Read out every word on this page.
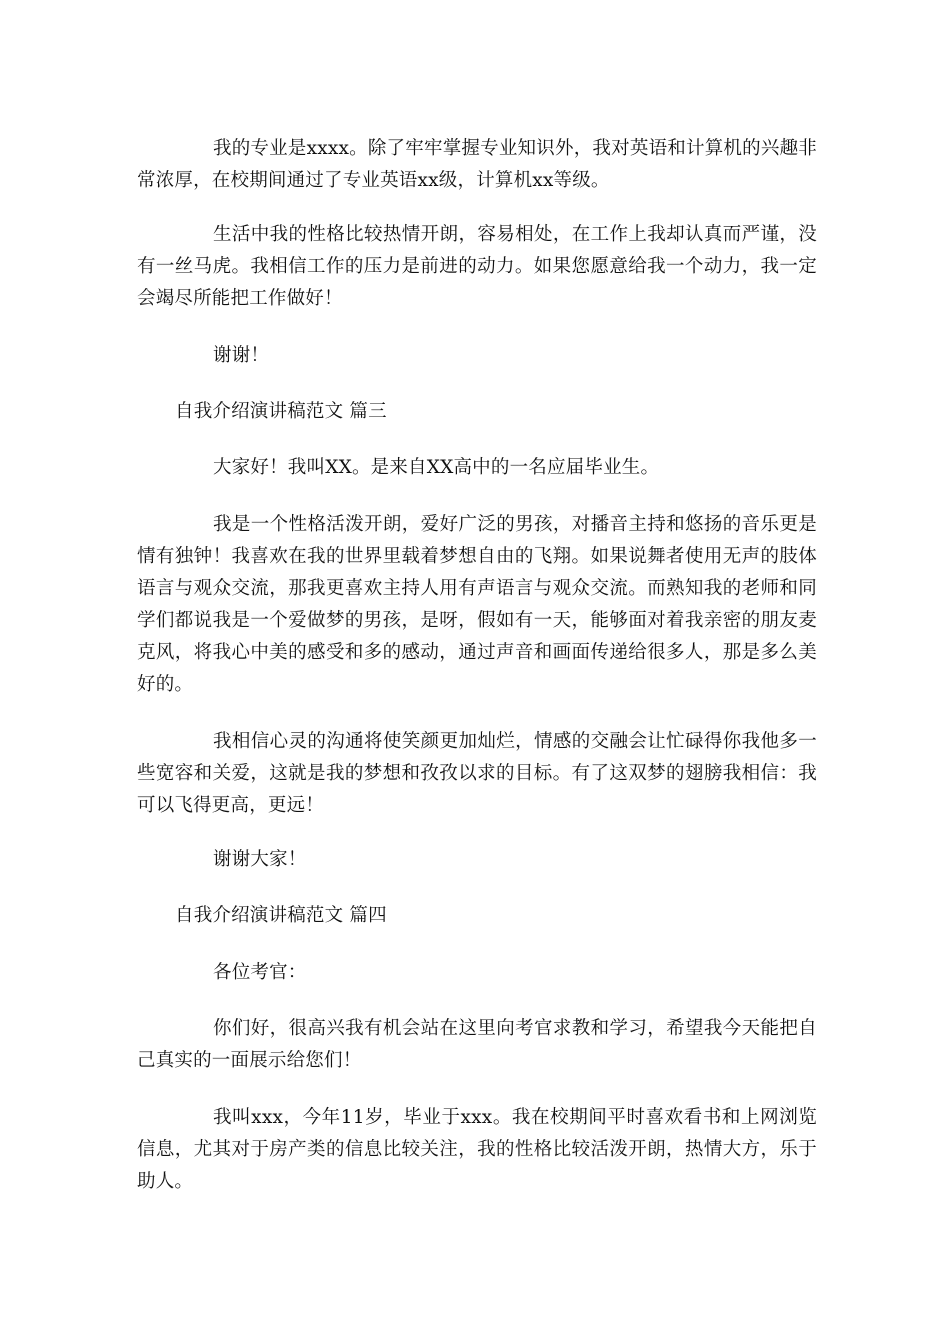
我的专业是xxxx。除了牢牢掌握专业知识外，我对英语和计算机的兴趣非常浓厚，在校期间通过了专业英语xx级，计算机xx等级。

生活中我的性格比较热情开朗，容易相处，在工作上我却认真而严谨，没有一丝马虎。我相信工作的压力是前进的动力。如果您愿意给我一个动力，我一定会竭尽所能把工作做好！

谢谢！

自我介绍演讲稿范文 篇三

大家好！我叫XX。是来自XX高中的一名应届毕业生。

我是一个性格活泼开朗，爱好广泛的男孩，对播音主持和悠扬的音乐更是情有独钟！我喜欢在我的世界里载着梦想自由的飞翔。如果说舞者使用无声的肢体语言与观众交流，那我更喜欢主持人用有声语言与观众交流。而熟知我的老师和同学们都说我是一个爱做梦的男孩，是呀，假如有一天，能够面对着我亲密的朋友麦克风，将我心中美的感受和多的感动，通过声音和画面传递给很多人，那是多么美好的。

我相信心灵的沟通将使笑颜更加灿烂，情感的交融会让忙碌得你我他多一些宽容和关爱，这就是我的梦想和孜孜以求的目标。有了这双梦的翅膀我相信：我可以飞得更高，更远！

谢谢大家！

自我介绍演讲稿范文 篇四

各位考官：

你们好，很高兴我有机会站在这里向考官求教和学习，希望我今天能把自己真实的一面展示给您们！

我叫xxx，今年11岁，毕业于xxx。我在校期间平时喜欢看书和上网浏览信息，尤其对于房产类的信息比较关注，我的性格比较活泼开朗，热情大方，乐于助人。
